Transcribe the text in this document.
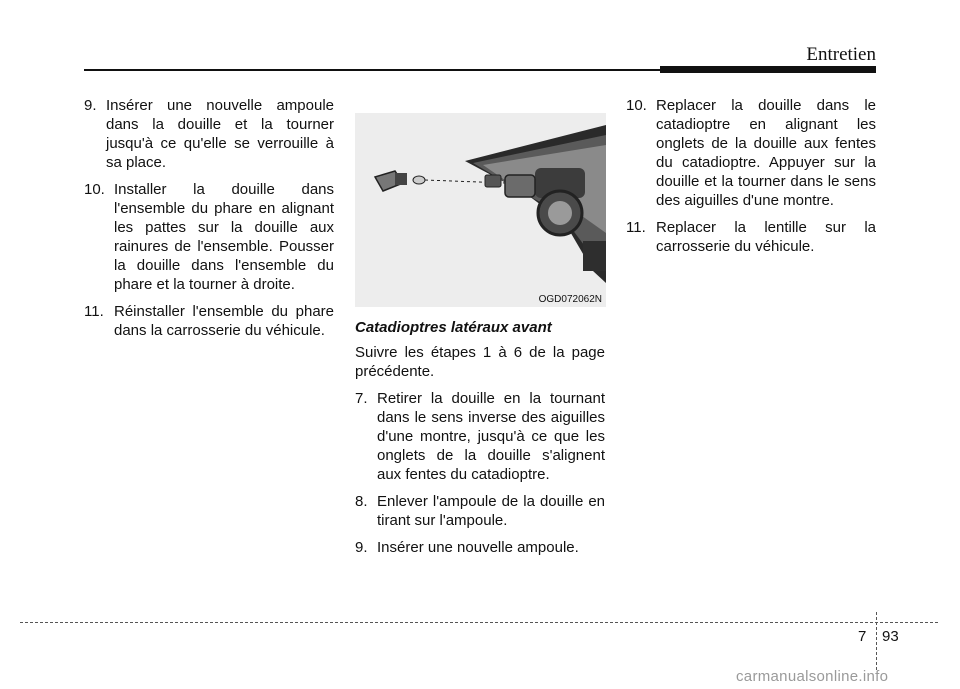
Entretien
9. Insérer une nouvelle ampoule dans la douille et la tourner jusqu'à ce qu'elle se verrouille à sa place.
10. Installer la douille dans l'ensemble du phare en alignant les pattes sur la douille aux rainures de l'ensemble. Pousser la douille dans l'ensemble du phare et la tourner à droite.
11. Réinstaller l'ensemble du phare dans la carrosserie du véhicule.
OGD072062N
Catadioptres latéraux avant
Suivre les étapes 1 à 6 de la page précédente.
7. Retirer la douille en la tournant dans le sens inverse des aiguilles d'une montre, jusqu'à ce que les onglets de la douille s'alignent aux fentes du catadioptre.
8. Enlever l'ampoule de la douille en tirant sur l'ampoule.
9. Insérer une nouvelle ampoule.
10. Replacer la douille dans le catadioptre en alignant les onglets de la douille aux fentes du catadioptre. Appuyer sur la douille et la tourner dans le sens des aiguilles d'une montre.
11. Replacer la lentille sur la carrosserie du véhicule.
7 93
carmanualsonline.info
